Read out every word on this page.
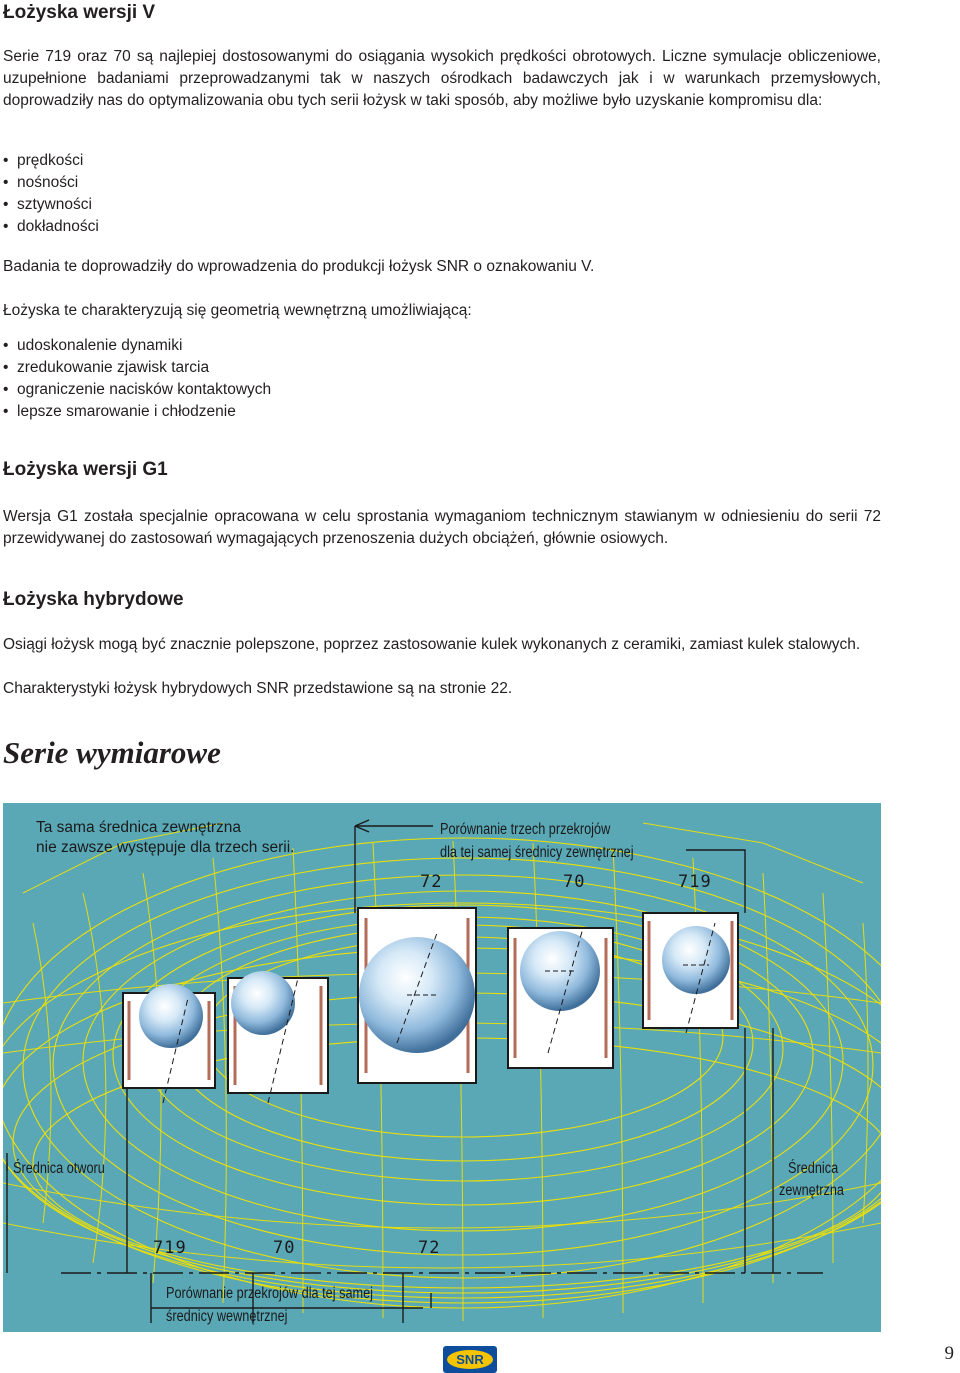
Łożyska wersji V

Serie 719 oraz 70 są najlepiej dostosowanymi do osiągania wysokich prędkości obrotowych. Liczne symulacje obliczeniowe, uzupełnione badaniami przeprowadzanymi tak w naszych ośrodkach badawczych jak i w warunkach przemysłowych, doprowadziły nas do optymalizowania obu tych serii łożysk w taki sposób, aby możliwe było uzyskanie kompromisu dla:

• prędkości
• nośności
• sztywności
• dokładności

Badania te doprowadziły do wprowadzenia do produkcji łożysk SNR o oznakowaniu V.

Łożyska te charakteryzują się geometrią wewnętrzną umożliwiającą:

• udoskonalenie dynamiki
• zredukowanie zjawisk tarcia
• ograniczenie nacisków kontaktowych
• lepsze smarowanie i chłodzenie
Łożyska wersji G1

Wersja G1 została specjalnie opracowana w celu sprostania wymaganiom technicznym stawianym w odniesieniu do serii 72 przewidywanej do zastosowań wymagających przenoszenia dużych obciążeń, głównie osiowych.

Łożyska hybrydowe

Osiągi łożysk mogą być znacznie polepszone, poprzez zastosowanie kulek wykonanych z ceramiki, zamiast kulek stalowych.

Charakterystyki łożysk hybrydowych SNR przedstawione są na stronie 22.

Serie wymiarowe
Ta sama średnica zewnętrzna
nie zawsze występuje dla trzech serii.
Porównanie trzech przekrojów
dla tej samej średnicy zewnętrznej
72	70	719
Średnica otworu	Średnica
zewnętrzna
719	70	72
Porównanie przekrojów dla tej samej
średnicy wewnętrznej
SNR	9
